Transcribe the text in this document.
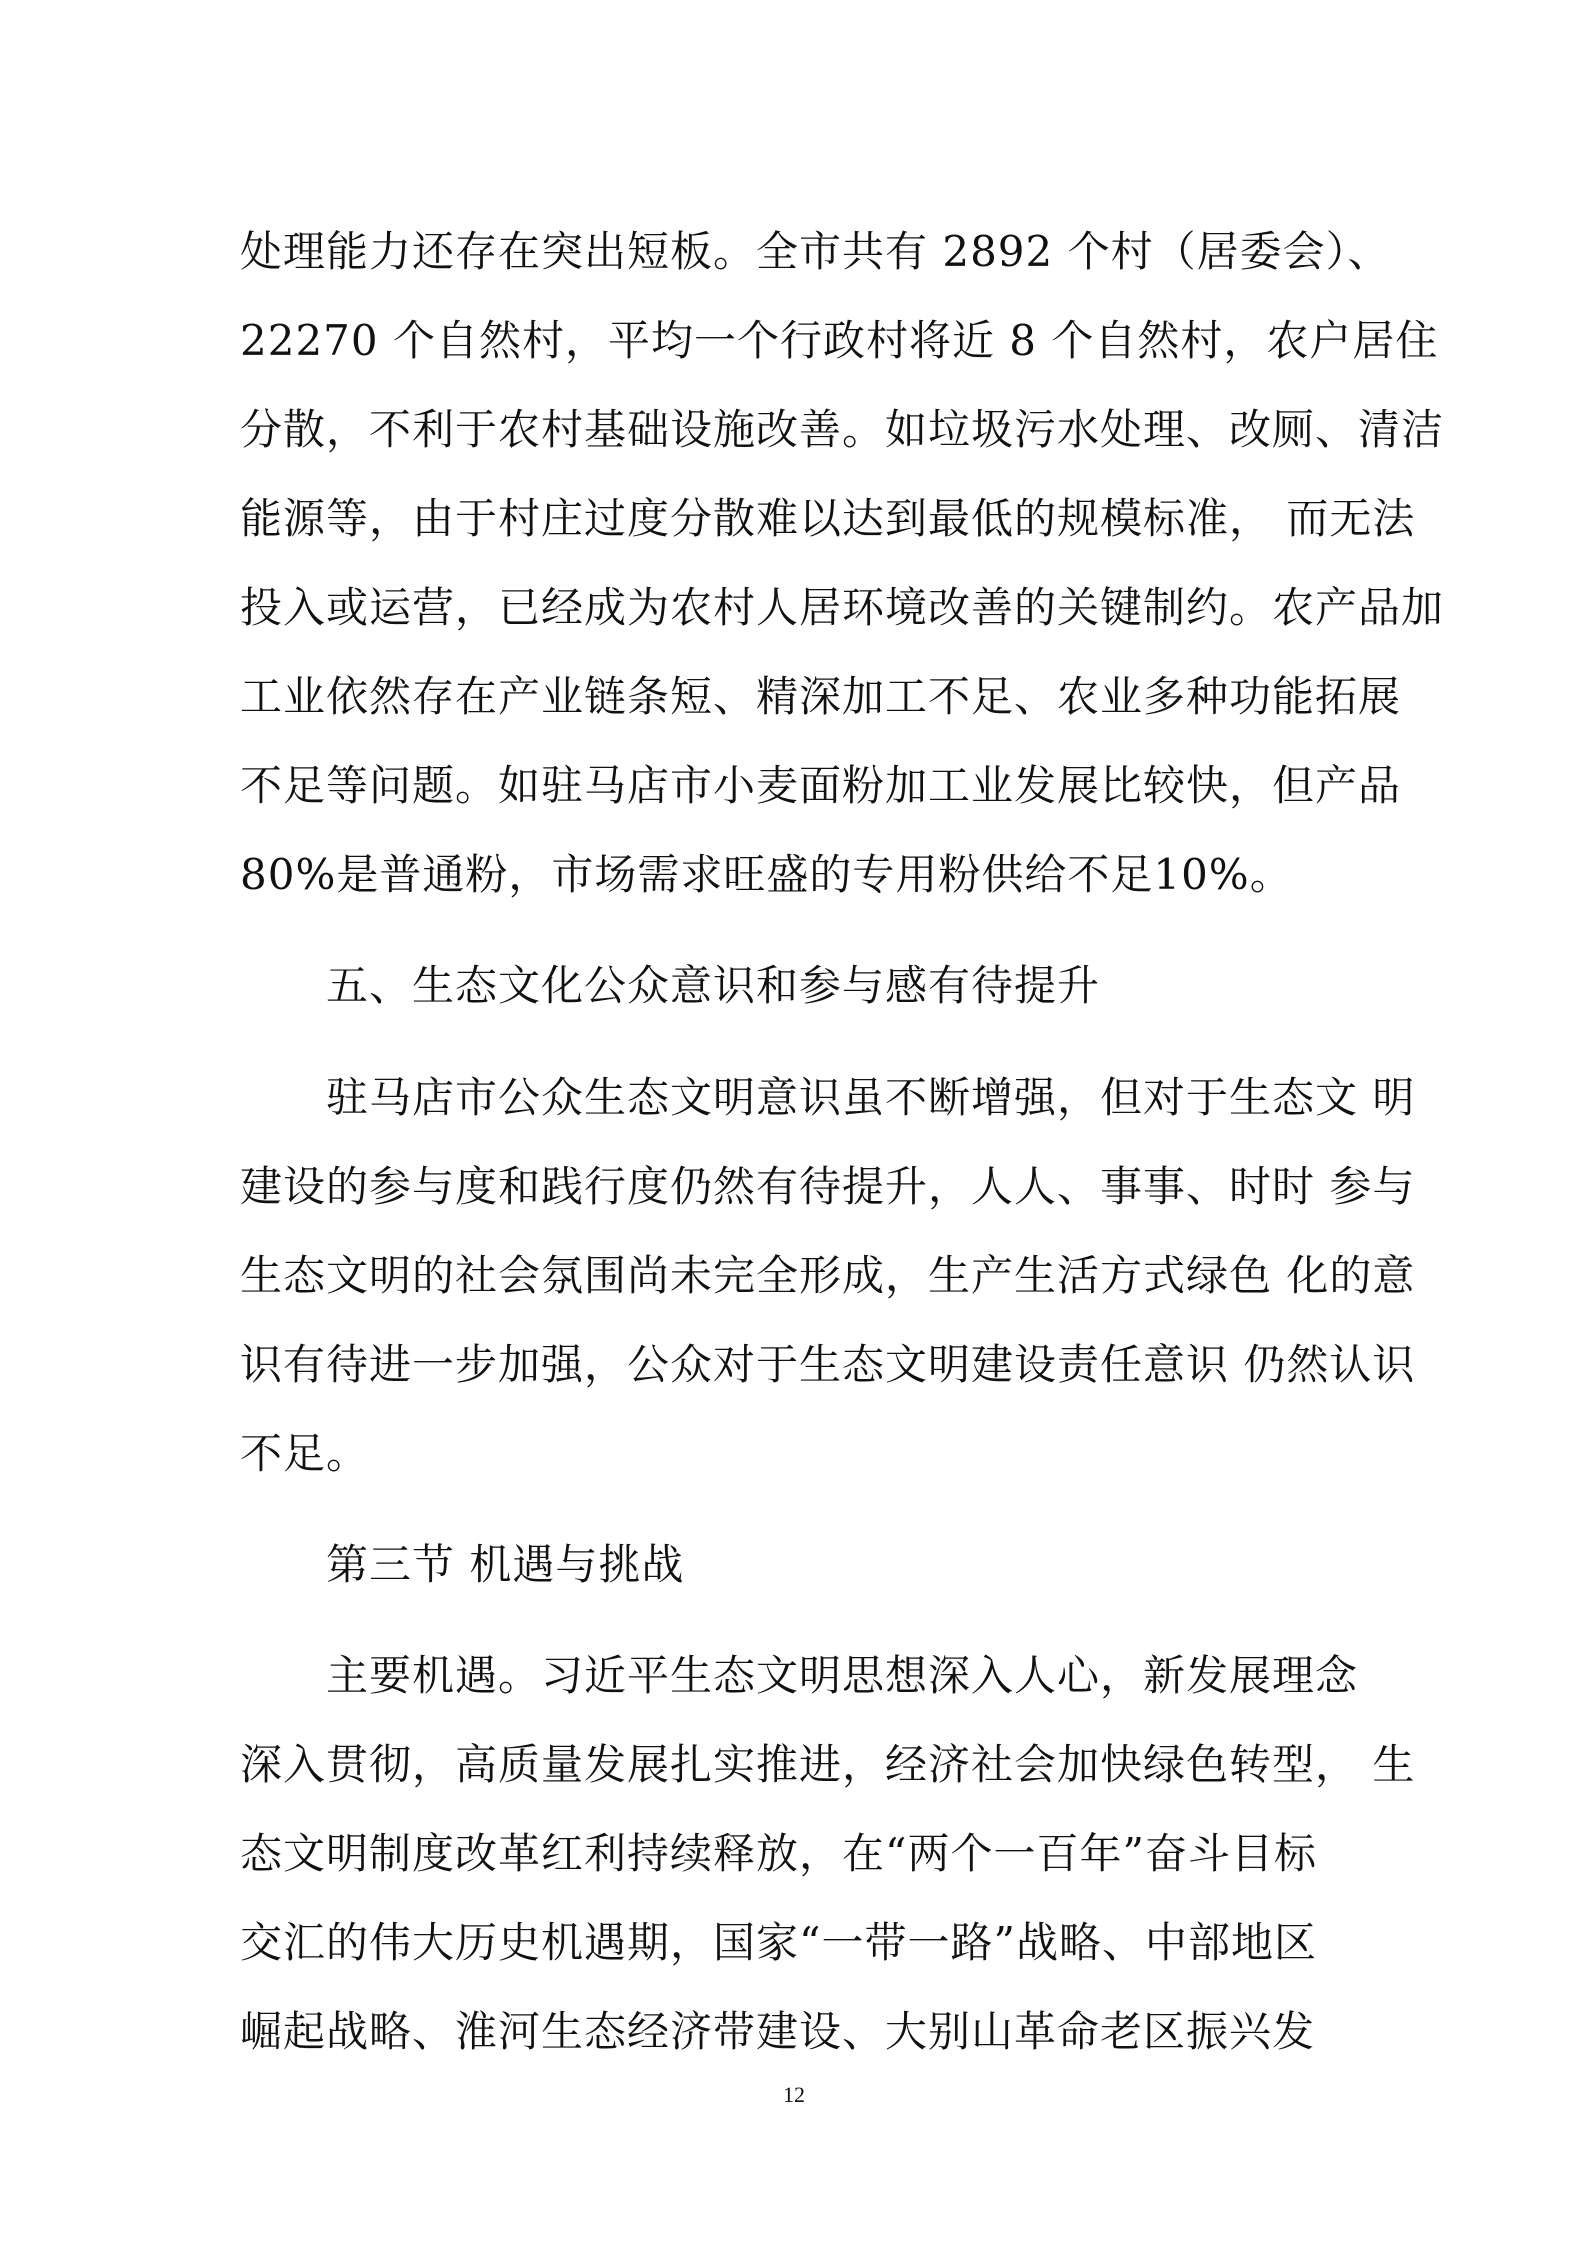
处理能力还存在突出短板。全市共有 2892 个村（居委会）、
22270 个自然村，平均一个行政村将近 8 个自然村，农户居住
分散，不利于农村基础设施改善。如垃圾污水处理、改厕、清洁
能源等，由于村庄过度分散难以达到最低的规模标准， 而无法
投入或运营，已经成为农村人居环境改善的关键制约。农产品加
工业依然存在产业链条短、精深加工不足、农业多种功能拓展
不足等问题。如驻马店市小麦面粉加工业发展比较快，但产品
80%是普通粉，市场需求旺盛的专用粉供给不足10%。
五、生态文化公众意识和参与感有待提升
驻马店市公众生态文明意识虽不断增强，但对于生态文 明
建设的参与度和践行度仍然有待提升，人人、事事、时时 参与
生态文明的社会氛围尚未完全形成，生产生活方式绿色 化的意
识有待进一步加强，公众对于生态文明建设责任意识 仍然认识
不足。
第三节 机遇与挑战
主要机遇。习近平生态文明思想深入人心，新发展理念
深入贯彻，高质量发展扎实推进，经济社会加快绿色转型， 生
态文明制度改革红利持续释放，在“两个一百年”奋斗目标
交汇的伟大历史机遇期，国家“一带一路”战略、中部地区
崛起战略、淮河生态经济带建设、大别山革命老区振兴发
12
